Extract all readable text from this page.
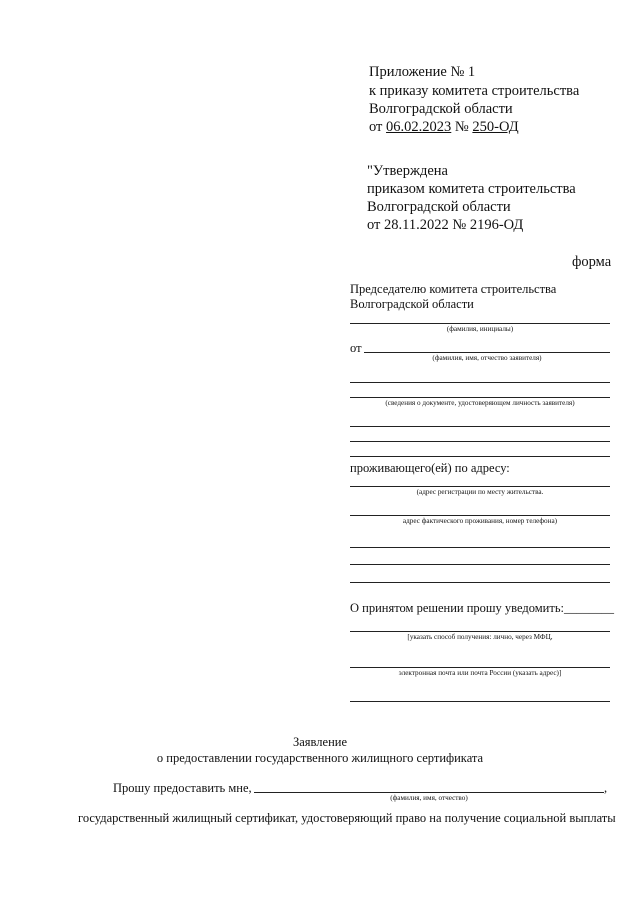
Приложение № 1
к приказу комитета строительства
Волгоградской области
от 06.02.2023 № 250-ОД
"Утверждена
приказом комитета строительства
Волгоградской области
от 28.11.2022 № 2196-ОД
форма
Председателю комитета строительства
Волгоградской области
(фамилия, инициалы)
от
(фамилия, имя, отчество заявителя)
(сведения о документе, удостоверяющем личность заявителя)
проживающего(ей) по адресу:
(адрес регистрации по месту жительства.
адрес фактического проживания, номер телефона)
О принятом решении прошу уведомить:________
[указать способ получения: лично, через МФЦ,
электронная почта или почта России (указать адрес)]
Заявление
о предоставлении государственного жилищного сертификата
Прошу предоставить мне,	,
(фамилия, имя, отчество)
государственный жилищный сертификат, удостоверяющий право на получение социальной выплаты
